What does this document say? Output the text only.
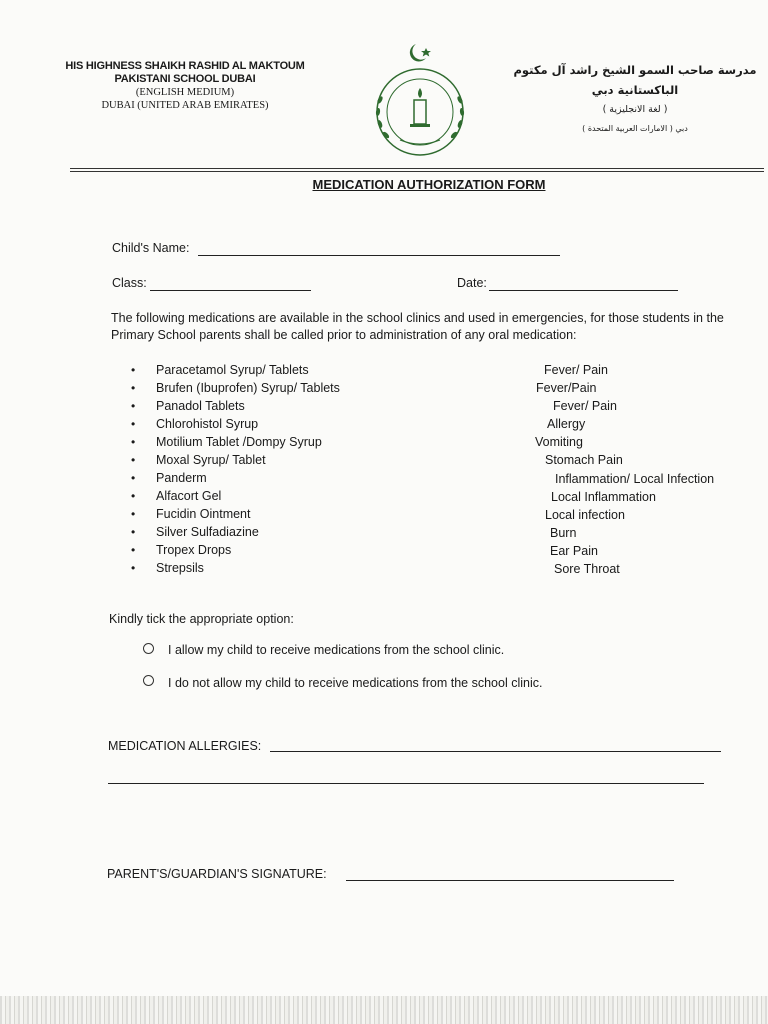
HIS HIGHNESS SHAIKH RASHID AL MAKTOUM
PAKISTANI SCHOOL DUBAI
(ENGLISH MEDIUM)
DUBAI (UNITED ARAB EMIRATES)
مدرسة صاحب السمو الشيخ راشد آل مكتوم الباكستانية دبي
( لغة الانجليزية )
دبي ( الامارات العربية المتحدة )
MEDICATION AUTHORIZATION FORM
Child's Name:
Class:	Date:
The following medications are available in the school clinics and used in emergencies, for those students in the Primary School parents shall be called prior to administration of any oral medication:
• Paracetamol Syrup/ Tablets	Fever/ Pain
• Brufen (Ibuprofen) Syrup/ Tablets	Fever/Pain
• Panadol Tablets	Fever/ Pain
• Chlorohistol Syrup	Allergy
• Motilium Tablet /Dompy Syrup	Vomiting
• Moxal Syrup/ Tablet	Stomach Pain
• Panderm	Inflammation/ Local Infection
• Alfacort Gel	Local Inflammation
• Fucidin Ointment	Local infection
• Silver Sulfadiazine	Burn
• Tropex Drops	Ear Pain
• Strepsils	Sore Throat
Kindly tick the appropriate option:
I allow my child to receive medications from the school clinic.
I do not allow my child to receive medications from the school clinic.
MEDICATION ALLERGIES:
PARENT'S/GUARDIAN'S SIGNATURE:
